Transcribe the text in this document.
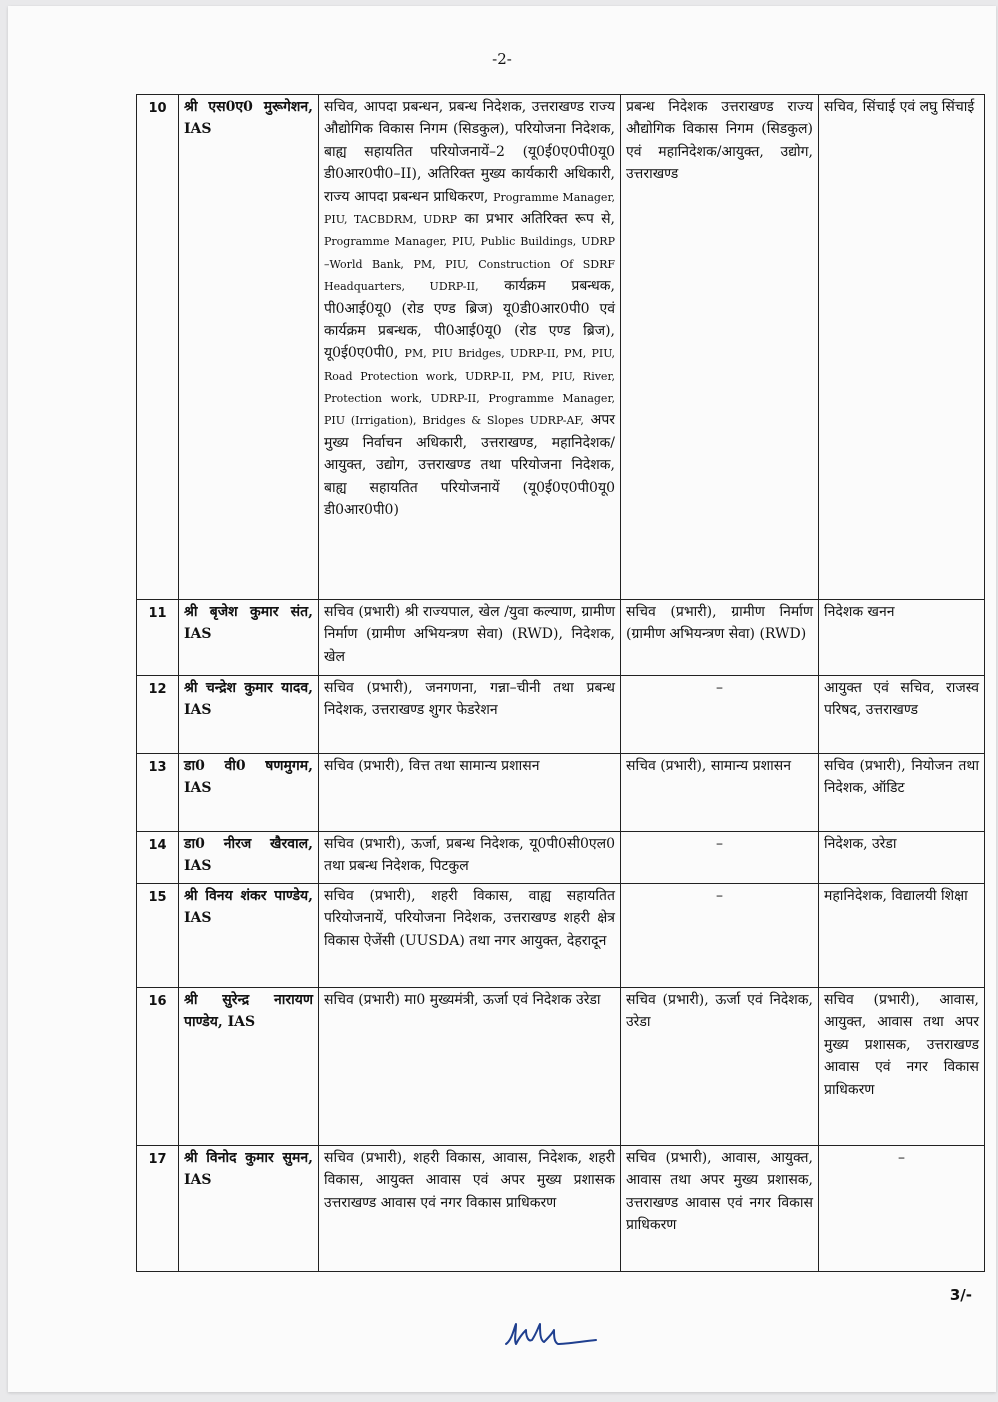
-2-
10	श्री एस0ए0 मुरूगेशन, IAS	सचिव, आपदा प्रबन्धन, प्रबन्ध निदेशक, उत्तराखण्ड राज्य औद्योगिक विकास निगम (सिडकुल), परियोजना निदेशक, बाह्य सहायतित परियोजनायें–2 (यू0ई0ए0पी0यू0 डी0आर0पी0–II), अतिरिक्त मुख्य कार्यकारी अधिकारी, राज्य आपदा प्रबन्धन प्राधिकरण, Programme Manager, PIU, TACBDRM, UDRP का प्रभार अतिरिक्त रूप से, Programme Manager, PIU, Public Buildings, UDRP –World Bank, PM, PIU, Construction Of SDRF Headquarters, UDRP-II, कार्यक्रम प्रबन्धक, पी0आई0यू0 (रोड एण्ड ब्रिज) यू0डी0आर0पी0 एवं कार्यक्रम प्रबन्धक, पी0आई0यू0 (रोड एण्ड ब्रिज), यू0ई0ए0पी0, PM, PIU Bridges, UDRP-II, PM, PIU, Road Protection work, UDRP-II, PM, PIU, River, Protection work, UDRP-II, Programme Manager, PIU (Irrigation), Bridges & Slopes UDRP-AF, अपर मुख्य निर्वाचन अधिकारी, उत्तराखण्ड, महानिदेशक/आयुक्त, उद्योग, उत्तराखण्ड तथा परियोजना निदेशक, बाह्य सहायतित परियोजनायें (यू0ई0ए0पी0यू0 डी0आर0पी0)	प्रबन्ध निदेशक उत्तराखण्ड राज्य औद्योगिक विकास निगम (सिडकुल) एवं महानिदेशक/आयुक्त, उद्योग, उत्तराखण्ड	सचिव, सिंचाई एवं लघु सिंचाई
11	श्री बृजेश कुमार संत, IAS	सचिव (प्रभारी) श्री राज्यपाल, खेल /युवा कल्याण, ग्रामीण निर्माण (ग्रामीण अभियन्त्रण सेवा) (RWD), निदेशक, खेल	सचिव (प्रभारी), ग्रामीण निर्माण (ग्रामीण अभियन्त्रण सेवा) (RWD)	निदेशक खनन
12	श्री चन्द्रेश कुमार यादव, IAS	सचिव (प्रभारी), जनगणना, गन्ना–चीनी तथा प्रबन्ध निदेशक, उत्तराखण्ड शुगर फेडरेशन	–	आयुक्त एवं सचिव, राजस्व परिषद, उत्तराखण्ड
13	डा0 वी0 षणमुगम, IAS	सचिव (प्रभारी), वित्त तथा सामान्य प्रशासन	सचिव (प्रभारी), सामान्य प्रशासन	सचिव (प्रभारी), नियोजन तथा निदेशक, ऑडिट
14	डा0 नीरज खैरवाल, IAS	सचिव (प्रभारी), ऊर्जा, प्रबन्ध निदेशक, यू0पी0सी0एल0 तथा प्रबन्ध निदेशक, पिटकुल	–	निदेशक, उरेडा
15	श्री विनय शंकर पाण्डेय, IAS	सचिव (प्रभारी), शहरी विकास, वाह्य सहायतित परियोजनायें, परियोजना निदेशक, उत्तराखण्ड शहरी क्षेत्र विकास ऐजेंसी (UUSDA) तथा नगर आयुक्त, देहरादून	–	महानिदेशक, विद्यालयी शिक्षा
16	श्री सुरेन्द्र नारायण पाण्डेय, IAS	सचिव (प्रभारी) मा0 मुख्यमंत्री, ऊर्जा एवं निदेशक उरेडा	सचिव (प्रभारी), ऊर्जा एवं निदेशक, उरेडा	सचिव (प्रभारी), आवास, आयुक्त, आवास तथा अपर मुख्य प्रशासक, उत्तराखण्ड आवास एवं नगर विकास प्राधिकरण
17	श्री विनोद कुमार सुमन, IAS	सचिव (प्रभारी), शहरी विकास, आवास, निदेशक, शहरी विकास, आयुक्त आवास एवं अपर मुख्य प्रशासक उत्तराखण्ड आवास एवं नगर विकास प्राधिकरण	सचिव (प्रभारी), आवास, आयुक्त, आवास तथा अपर मुख्य प्रशासक, उत्तराखण्ड आवास एवं नगर विकास प्राधिकरण	–
3/-
